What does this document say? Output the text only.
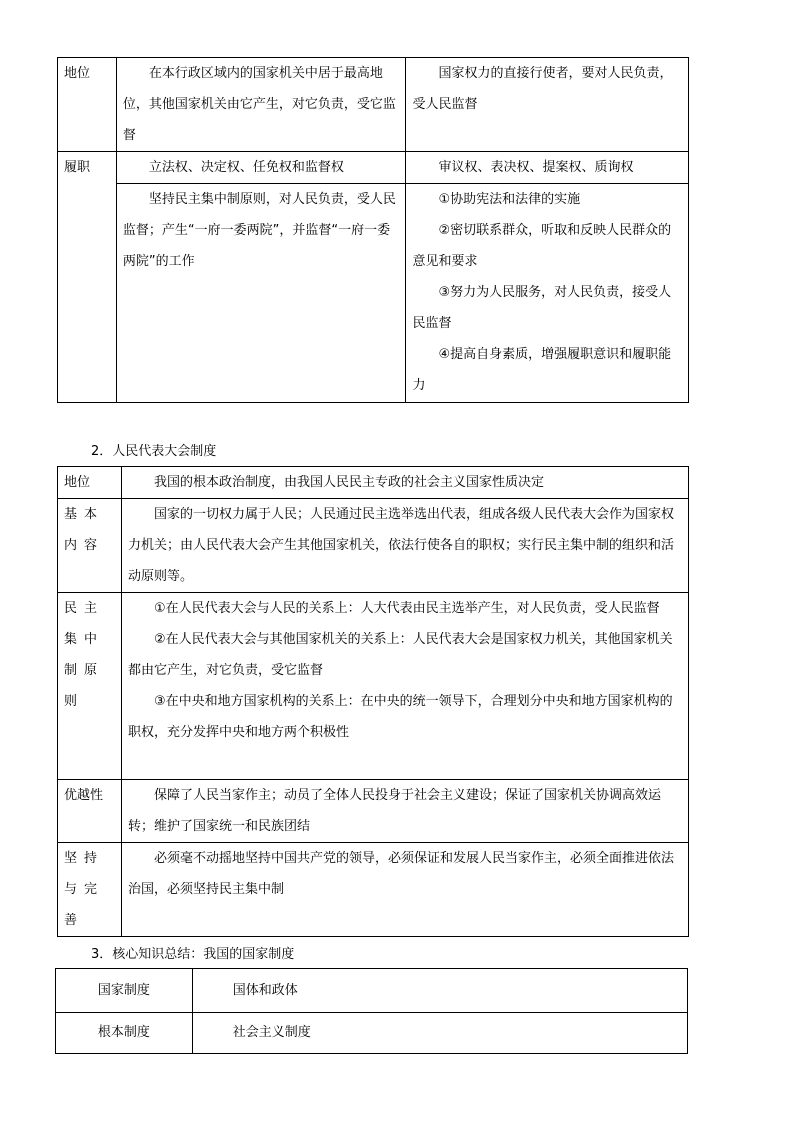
地位	在本行政区域内的国家机关中居于最高地位，其他国家机关由它产生，对它负责，受它监督	国家权力的直接行使者，要对人民负责，受人民监督
履职	立法权、决定权、任免权和监督权	审议权、表决权、提案权、质询权
	坚持民主集中制原则，对人民负责，受人民监督；产生“一府一委两院”，并监督“一府一委两院”的工作	①协助宪法和法律的实施

②密切联系群众，听取和反映人民群众的意见和要求

③努力为人民服务，对人民负责，接受人民监督

④提高自身素质，增强履职意识和履职能力

2．人民代表大会制度
地位	我国的根本政治制度，由我国人民民主专政的社会主义国家性质决定
基本内容	国家的一切权力属于人民；人民通过民主选举选出代表，组成各级人民代表大会作为国家权力机关；由人民代表大会产生其他国家机关，依法行使各自的职权；实行民主集中制的组织和活动原则等。
民主集中制原则	①在人民代表大会与人民的关系上：人大代表由民主选举产生，对人民负责，受人民监督

②在人民代表大会与其他国家机关的关系上：人民代表大会是国家权力机关，其他国家机关都由它产生，对它负责，受它监督

③在中央和地方国家机构的关系上：在中央的统一领导下，合理划分中央和地方国家机构的职权，充分发挥中央和地方两个积极性

优越性	保障了人民当家作主；动员了全体人民投身于社会主义建设；保证了国家机关协调高效运转；维护了国家统一和民族团结
坚持与完善	必须毫不动摇地坚持中国共产党的领导，必须保证和发展人民当家作主，必须全面推进依法治国，必须坚持民主集中制
3．核心知识总结：我国的国家制度
国家制度	国体和政体
根本制度	社会主义制度
